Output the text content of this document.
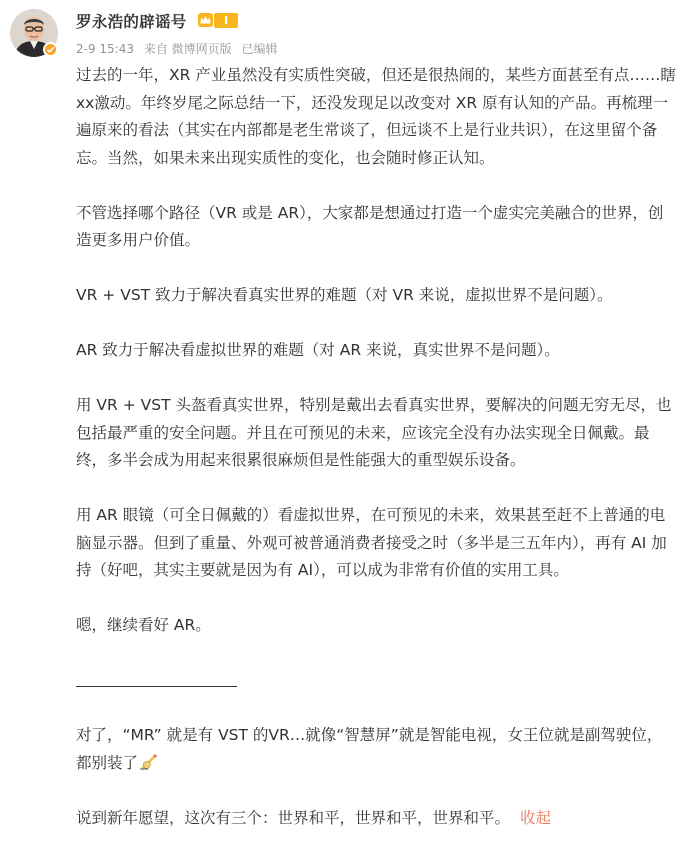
罗永浩的辟谣号	Ⅰ
2-9 15:43 来自 微博网页版 已编辑

过去的一年，XR 产业虽然没有实质性突破，但还是很热闹的，某些方面甚至有点……瞎xx激动。年终岁尾之际总结一下，还没发现足以改变对 XR 原有认知的产品。再梳理一遍原来的看法（其实在内部都是老生常谈了，但远谈不上是行业共识），在这里留个备忘。当然，如果未来出现实质性的变化，也会随时修正认知。

不管选择哪个路径（VR 或是 AR），大家都是想通过打造一个虚实完美融合的世界，创造更多用户价值。

VR + VST 致力于解决看真实世界的难题（对 VR 来说，虚拟世界不是问题）。

AR 致力于解决看虚拟世界的难题（对 AR 来说，真实世界不是问题）。

用 VR + VST 头盔看真实世界，特别是戴出去看真实世界，要解决的问题无穷无尽，也包括最严重的安全问题。并且在可预见的未来，应该完全没有办法实现全日佩戴。最终，多半会成为用起来很累很麻烦但是性能强大的重型娱乐设备。

用 AR 眼镜（可全日佩戴的）看虚拟世界，在可预见的未来，效果甚至赶不上普通的电脑显示器。但到了重量、外观可被普通消费者接受之时（多半是三五年内），再有 AI 加持（好吧，其实主要就是因为有 AI），可以成为非常有价值的实用工具。

嗯，继续看好 AR。

对了，“MR” 就是有 VST 的VR…就像“智慧屏”就是智能电视，女王位就是副驾驶位，都别装了

说到新年愿望，这次有三个：世界和平，世界和平，世界和平。 收起
